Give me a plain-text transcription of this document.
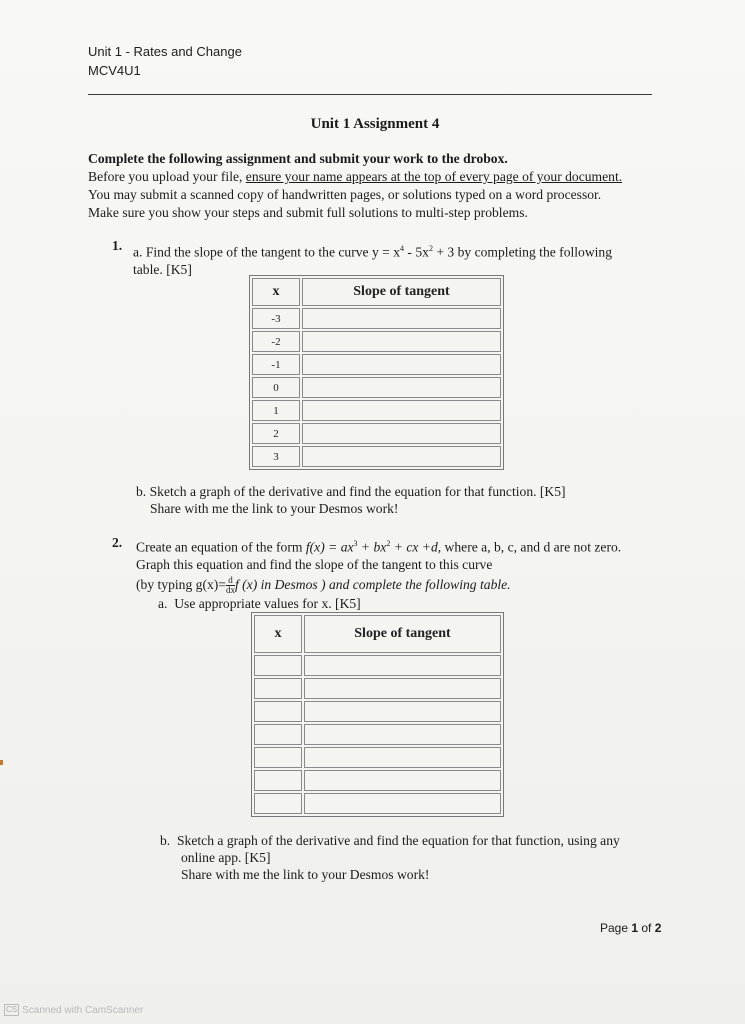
Unit 1 - Rates and Change
MCV4U1
Unit 1 Assignment 4
Complete the following assignment and submit your work to the drobox.
Before you upload your file, ensure your name appears at the top of every page of your document.
You may submit a scanned copy of handwritten pages, or solutions typed on a word processor.
Make sure you show your steps and submit full solutions to multi-step problems.
1. a. Find the slope of the tangent to the curve $y = x^4 - 5x^2 + 3$ by completing the following
table. [K5]
x	Slope of tangent
-3	
-2	
-1	
0	
1	
2	
3	
b. Sketch a graph of the derivative and find the equation for that function. [K5]
Share with me the link to your Desmos work!
2. Create an equation of the form $f(x) = ax^3 + bx^2$ + cx +d, where a, b, c, and d are not zero.
Graph this equation and find the slope of the tangent to this curve
(by typing $g(x)= \frac{d}{dx}$ f (x) in Desmos ) and complete the following table.
a. Use appropriate values for x. [K5]
x	Slope of tangent

b. Sketch a graph of the derivative and find the equation for that function, using any
online app. [K5]
Share with me the link to your Desmos work!
Page 1 of 2
CS Scanned with CamScanner
